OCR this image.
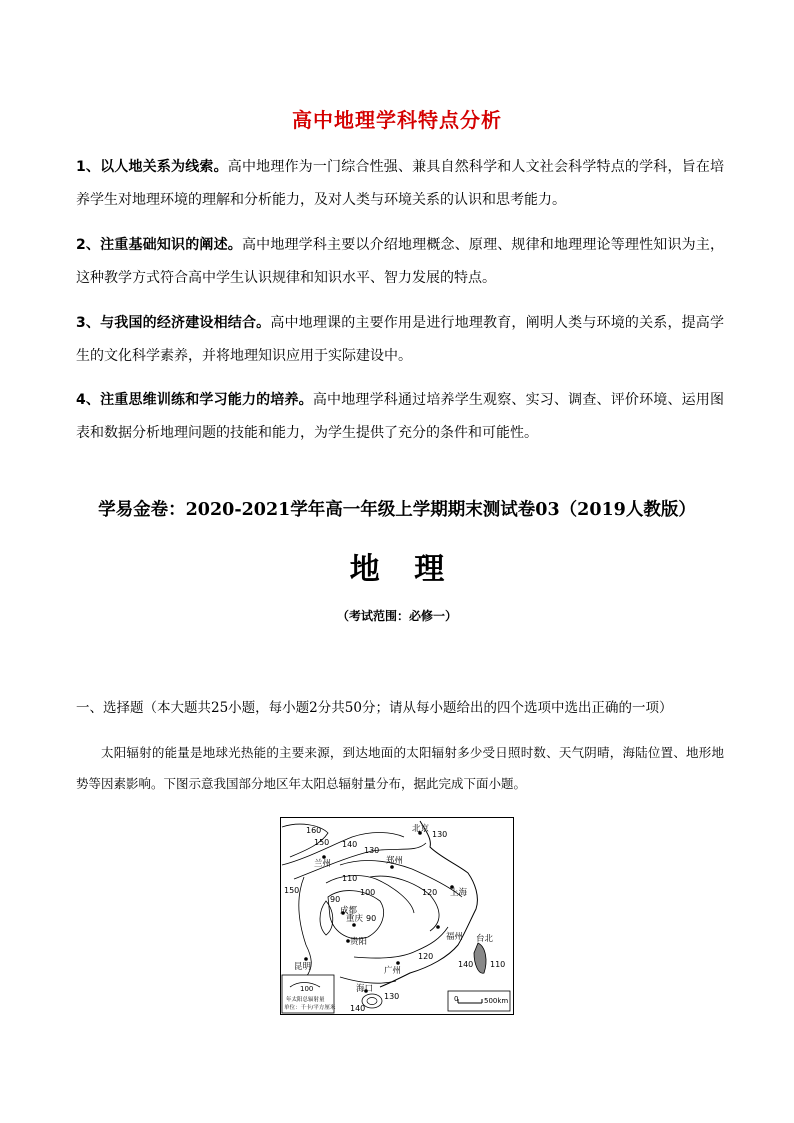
高中地理学科特点分析
1、以人地关系为线索。高中地理作为一门综合性强、兼具自然科学和人文社会科学特点的学科，旨在培养学生对地理环境的理解和分析能力，及对人类与环境关系的认识和思考能力。
2、注重基础知识的阐述。高中地理学科主要以介绍地理概念、原理、规律和地理理论等理性知识为主，这种教学方式符合高中学生认识规律和知识水平、智力发展的特点。
3、与我国的经济建设相结合。高中地理课的主要作用是进行地理教育，阐明人类与环境的关系，提高学生的文化科学素养，并将地理知识应用于实际建设中。
4、注重思维训练和学习能力的培养。高中地理学科通过培养学生观察、实习、调查、评价环境、运用图表和数据分析地理问题的技能和能力，为学生提供了充分的条件和可能性。
学易金卷：2020-2021学年高一年级上学期期末测试卷03（2019人教版）
地 理
（考试范围：必修一）
一、选择题（本大题共25小题，每小题2分共50分；请从每小题给出的四个选项中选出正确的一项）
太阳辐射的能量是地球光热能的主要来源，到达地面的太阳辐射多少受日照时数、天气阴晴，海陆位置、地形地势等因素影响。下图示意我国部分地区年太阳总辐射量分布，据此完成下面小题。
北京
兰州	郑州
上海
成都
重庆
贵阳	福州 台北
广州
昆明
海口
160
150 140
130
130
120
110
100
90
90
150
120
140 110
130
140
100
年太阳总辐射量
单位：千卡/平方厘米
0	500km
